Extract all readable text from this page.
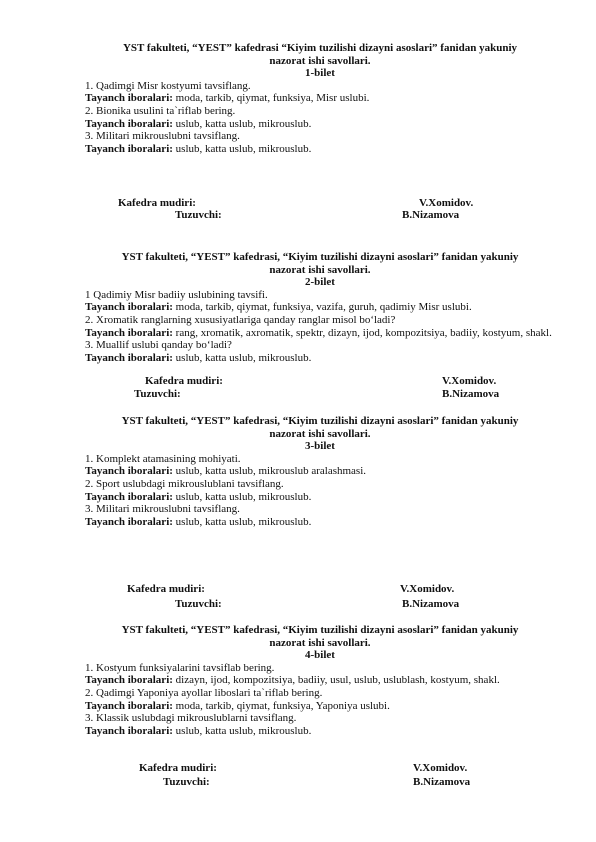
YST fakulteti, “YEST” kafedrasi “Kiyim tuzilishi dizayni asoslari” fanidan yakuniy
nazorat ishi savollari.
1-bilet
1. Qadimgi Misr kostyumi tavsiflang.
Tayanch iboralari: moda, tarkib, qiymat, funksiya, Misr uslubi.
2. Bionika usulini ta`riflab bering.
Tayanch iboralari: uslub, katta uslub, mikrouslub.
3. Militari mikrouslubni tavsiflang.
Tayanch iboralari: uslub, katta uslub, mikrouslub.
Kafedra mudiri:	V.Xomidov.
Tuzuvchi:	B.Nizamova
YST fakulteti, “YEST” kafedrasi, “Kiyim tuzilishi dizayni asoslari” fanidan yakuniy
nazorat ishi savollari.
2-bilet
1 Qadimiy Misr badiiy uslubining tavsifi.
Tayanch iboralari: moda, tarkib, qiymat, funksiya, vazifa, guruh, qadimiy Misr uslubi.
2. Xromatik ranglarning xususiyatlariga qanday ranglar misol bo‘ladi?
Tayanch iboralari: rang, xromatik, axromatik, spektr, dizayn, ijod, kompozitsiya, badiiy, kostyum, shakl.
3. Muallif uslubi qanday bo‘ladi?
Tayanch iboralari: uslub, katta uslub, mikrouslub.
Kafedra mudiri:	V.Xomidov.
Tuzuvchi:	B.Nizamova
YST fakulteti, “YEST” kafedrasi, “Kiyim tuzilishi dizayni asoslari” fanidan yakuniy
nazorat ishi savollari.
3-bilet
1. Komplekt atamasining mohiyati.
Tayanch iboralari: uslub, katta uslub, mikrouslub aralashmasi.
2. Sport uslubdagi mikrouslublani tavsiflang.
Tayanch iboralari: uslub, katta uslub, mikrouslub.
3. Militari mikrouslubni tavsiflang.
Tayanch iboralari: uslub, katta uslub, mikrouslub.
Kafedra mudiri:	V.Xomidov.
Tuzuvchi:	B.Nizamova
YST fakulteti, “YEST” kafedrasi, “Kiyim tuzilishi dizayni asoslari” fanidan yakuniy
nazorat ishi savollari.
4-bilet
1. Kostyum funksiyalarini tavsiflab bering.
Tayanch iboralari: dizayn, ijod, kompozitsiya, badiiy, usul, uslub, uslublash, kostyum, shakl.
2. Qadimgi Yaponiya ayollar liboslari ta`riflab bering.
Tayanch iboralari: moda, tarkib, qiymat, funksiya, Yaponiya uslubi.
3. Klassik uslubdagi mikrouslublarni tavsiflang.
Tayanch iboralari: uslub, katta uslub, mikrouslub.
Kafedra mudiri:	V.Xomidov.
Tuzuvchi:	B.Nizamova
